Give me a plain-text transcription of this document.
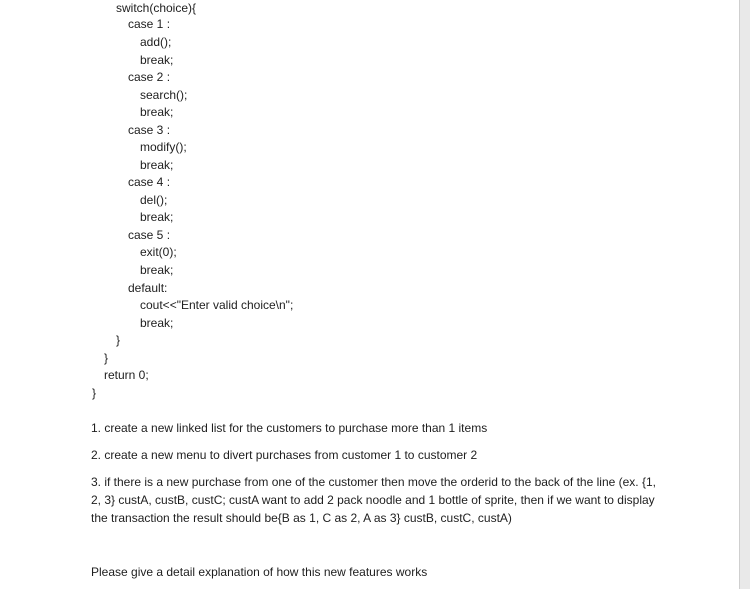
switch(choice){
case 1 :
add();
break;
case 2 :
search();
break;
case 3 :
modify();
break;
case 4 :
del();
break;
case 5 :
exit(0);
break;
default:
cout<<"Enter valid choice\n";
break;
}
}
return 0;
}
1. create a new linked list for the customers to purchase more than 1 items
2. create a new menu to divert purchases from customer 1 to customer 2
3. if there is a new purchase from one of the customer then move the orderid to the back of the line (ex. {1, 2, 3} custA, custB, custC; custA want to add 2 pack noodle and 1 bottle of sprite, then if we want to display the transaction the result should be{B as 1, C as 2, A as 3} custB, custC, custA)
Please give a detail explanation of how this new features works
